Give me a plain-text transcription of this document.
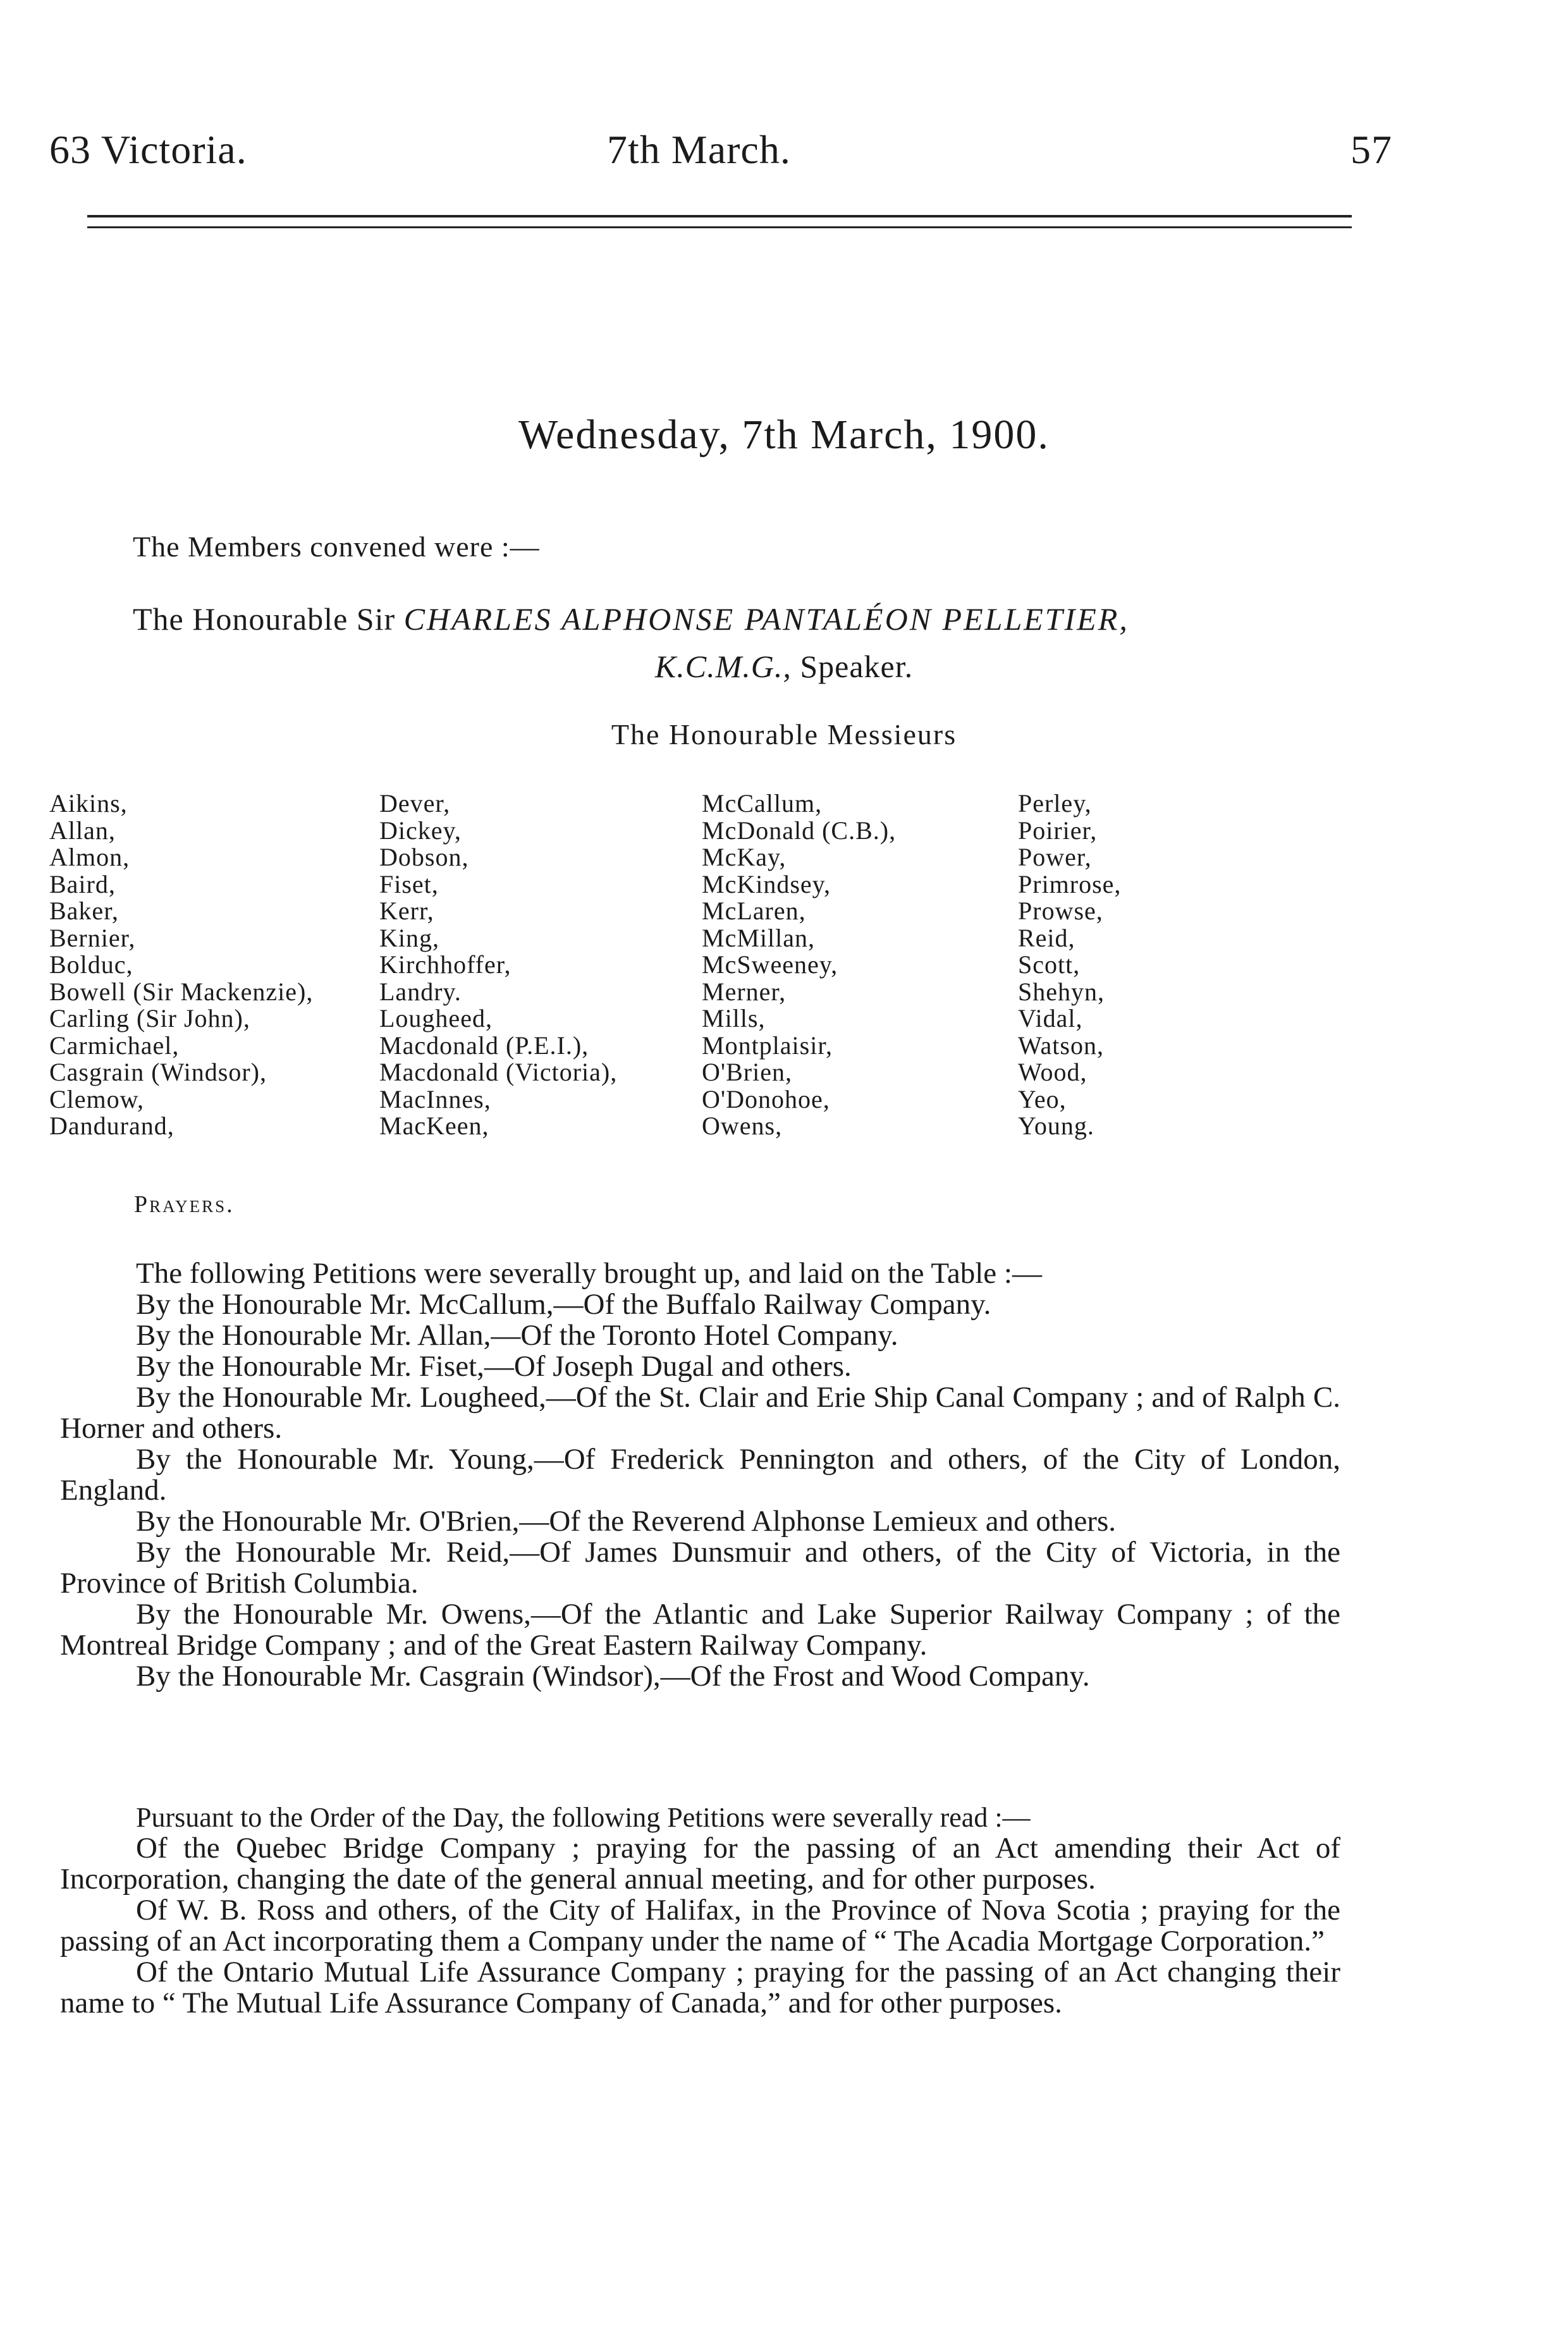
63 Victoria.	7th March.	57
Wednesday, 7th March, 1900.
The Members convened were :—
The Honourable Sir CHARLES ALPHONSE PANTALÉON PELLETIER,
K.C.M.G., Speaker.
The Honourable Messieurs
Aikins,
Allan,
Almon,
Baird,
Baker,
Bernier,
Bolduc,
Bowell (Sir Mackenzie),
Carling (Sir John),
Carmichael,
Casgrain (Windsor),
Clemow,
Dandurand,
Dever,
Dickey,
Dobson,
Fiset,
Kerr,
King,
Kirchhoffer,
Landry.
Lougheed,
Macdonald (P.E.I.),
Macdonald (Victoria),
MacInnes,
MacKeen,
McCallum,
McDonald (C.B.),
McKay,
McKindsey,
McLaren,
McMillan,
McSweeney,
Merner,
Mills,
Montplaisir,
O'Brien,
O'Donohoe,
Owens,
Perley,
Poirier,
Power,
Primrose,
Prowse,
Reid,
Scott,
Shehyn,
Vidal,
Watson,
Wood,
Yeo,
Young.
Prayers.

The following Petitions were severally brought up, and laid on the Table :—

By the Honourable Mr. McCallum,—Of the Buffalo Railway Company.

By the Honourable Mr. Allan,—Of the Toronto Hotel Company.

By the Honourable Mr. Fiset,—Of Joseph Dugal and others.

By the Honourable Mr. Lougheed,—Of the St. Clair and Erie Ship Canal Company ; and of Ralph C. Horner and others.

By the Honourable Mr. Young,—Of Frederick Pennington and others, of the City of London, England.

By the Honourable Mr. O'Brien,—Of the Reverend Alphonse Lemieux and others.

By the Honourable Mr. Reid,—Of James Dunsmuir and others, of the City of Victoria, in the Province of British Columbia.

By the Honourable Mr. Owens,—Of the Atlantic and Lake Superior Railway Company ; of the Montreal Bridge Company ; and of the Great Eastern Railway Company.

By the Honourable Mr. Casgrain (Windsor),—Of the Frost and Wood Company.

Pursuant to the Order of the Day, the following Petitions were severally read :—

Of the Quebec Bridge Company ; praying for the passing of an Act amending their Act of Incorporation, changing the date of the general annual meeting, and for other purposes.

Of W. B. Ross and others, of the City of Halifax, in the Province of Nova Scotia ; praying for the passing of an Act incorporating them a Company under the name of “ The Acadia Mortgage Corporation.”

Of the Ontario Mutual Life Assurance Company ; praying for the passing of an Act changing their name to “ The Mutual Life Assurance Company of Canada,” and for other purposes.
